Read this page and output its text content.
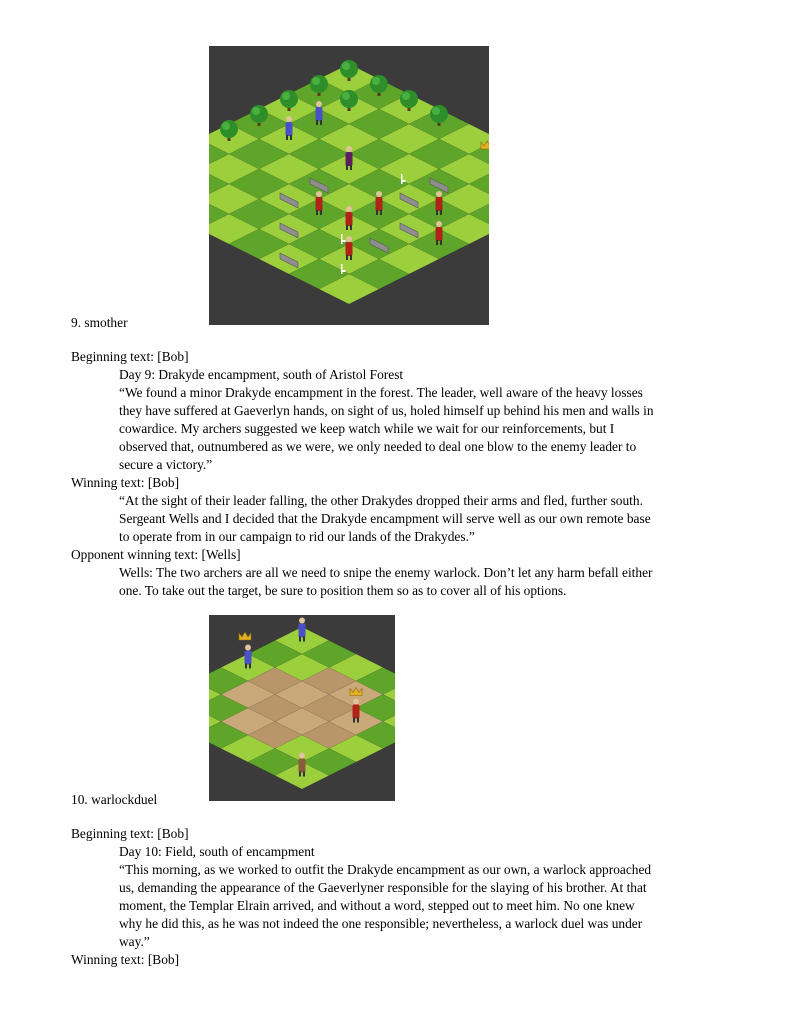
9. smother
Beginning text: [Bob]
Day 9: Drakyde encampment, south of Aristol Forest
“We found a minor Drakyde encampment in the forest. The leader, well aware of the heavy losses
they have suffered at Gaeverlyn hands, on sight of us, holed himself up behind his men and walls in
cowardice. My archers suggested we keep watch while we wait for our reinforcements, but I
observed that, outnumbered as we were, we only needed to deal one blow to the enemy leader to
secure a victory.”
Winning text: [Bob]
“At the sight of their leader falling, the other Drakydes dropped their arms and fled, further south.
Sergeant Wells and I decided that the Drakyde encampment will serve well as our own remote base
to operate from in our campaign to rid our lands of the Drakydes.”
Opponent winning text: [Wells]
Wells: The two archers are all we need to snipe the enemy warlock. Don’t let any harm befall either
one. To take out the target, be sure to position them so as to cover all of his options.
10. warlockduel
Beginning text: [Bob]
Day 10: Field, south of encampment
“This morning, as we worked to outfit the Drakyde encampment as our own, a warlock approached
us, demanding the appearance of the Gaeverlyner responsible for the slaying of his brother. At that
moment, the Templar Elrain arrived, and without a word, stepped out to meet him. No one knew
why he did this, as he was not indeed the one responsible; nevertheless, a warlock duel was under
way.”
Winning text: [Bob]
